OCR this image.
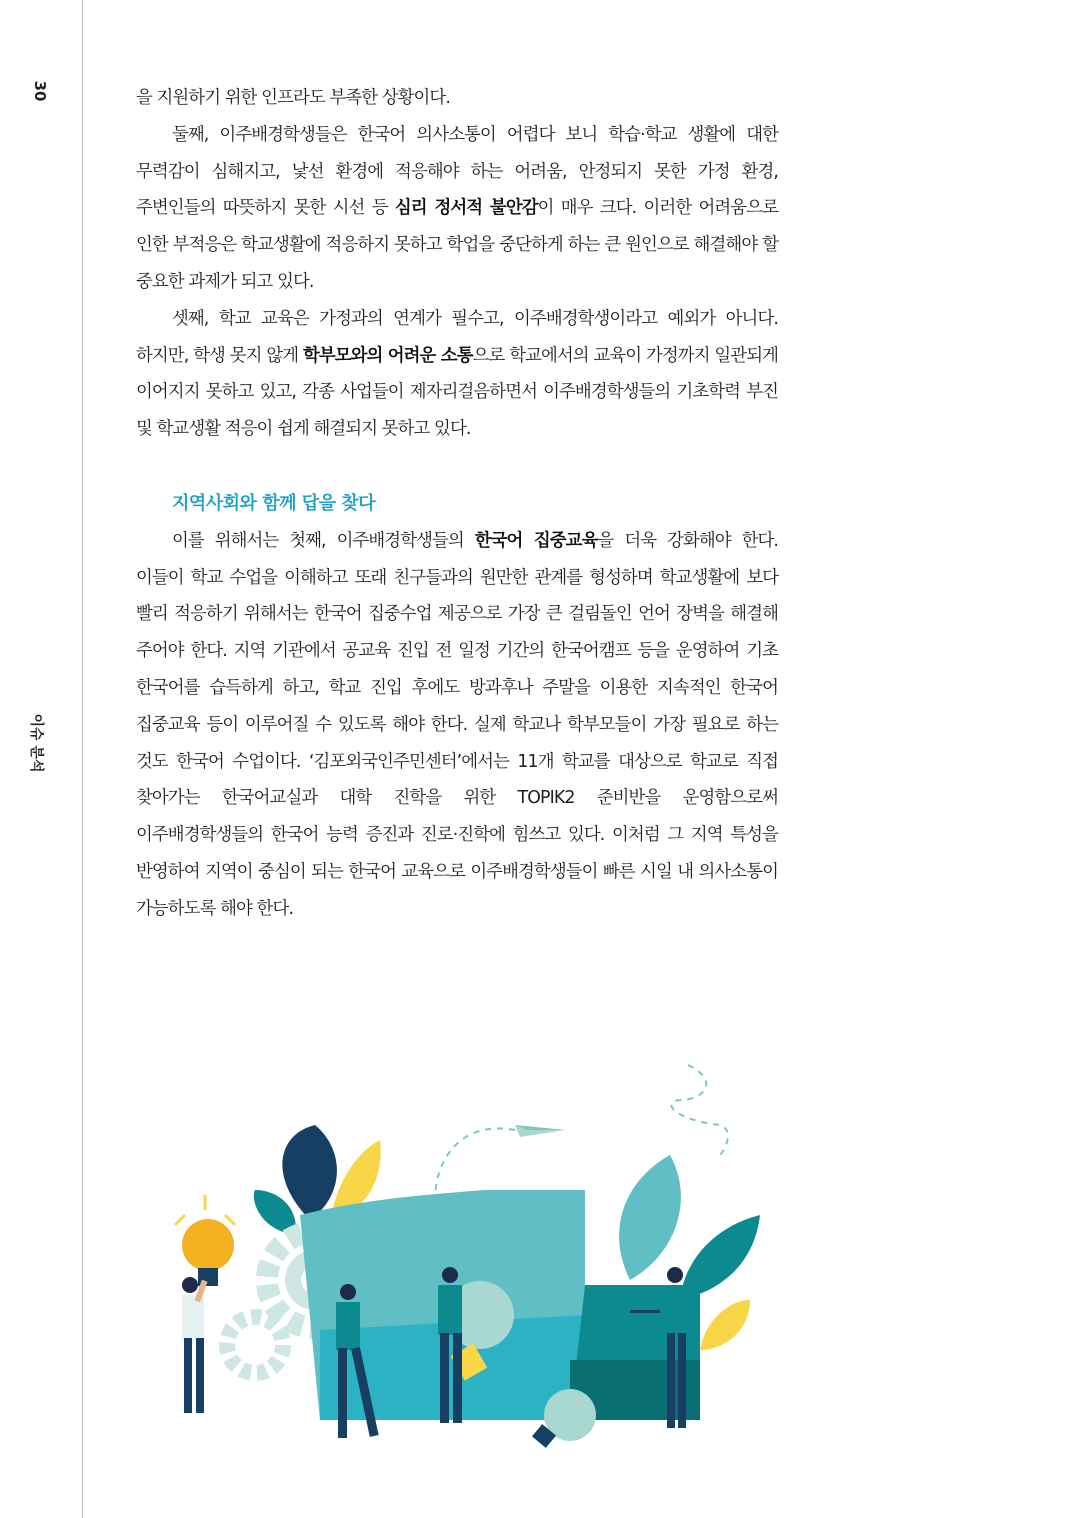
30
이슈 분석

을 지원하기 위한 인프라도 부족한 상황이다.

둘째, 이주배경학생들은 한국어 의사소통이 어렵다 보니 학습·학교 생활에 대한 무력감이 심해지고, 낯선 환경에 적응해야 하는 어려움, 안정되지 못한 가정 환경, 주변인들의 따뜻하지 못한 시선 등 심리 정서적 불안감이 매우 크다. 이러한 어려움으로 인한 부적응은 학교생활에 적응하지 못하고 학업을 중단하게 하는 큰 원인으로 해결해야 할 중요한 과제가 되고 있다.

셋째, 학교 교육은 가정과의 연계가 필수고, 이주배경학생이라고 예외가 아니다. 하지만, 학생 못지 않게 학부모와의 어려운 소통으로 학교에서의 교육이 가정까지 일관되게 이어지지 못하고 있고, 각종 사업들이 제자리걸음하면서 이주배경학생들의 기초학력 부진 및 학교생활 적응이 쉽게 해결되지 못하고 있다.

지역사회와 함께 답을 찾다

이를 위해서는 첫째, 이주배경학생들의 한국어 집중교육을 더욱 강화해야 한다. 이들이 학교 수업을 이해하고 또래 친구들과의 원만한 관계를 형성하며 학교생활에 보다 빨리 적응하기 위해서는 한국어 집중수업 제공으로 가장 큰 걸림돌인 언어 장벽을 해결해 주어야 한다. 지역 기관에서 공교육 진입 전 일정 기간의 한국어캠프 등을 운영하여 기초 한국어를 습득하게 하고, 학교 진입 후에도 방과후나 주말을 이용한 지속적인 한국어 집중교육 등이 이루어질 수 있도록 해야 한다. 실제 학교나 학부모들이 가장 필요로 하는 것도 한국어 수업이다. ‘김포외국인주민센터’에서는 11개 학교를 대상으로 학교로 직접 찾아가는 한국어교실과 대학 진학을 위한 TOPIK2 준비반을 운영함으로써 이주배경학생들의 한국어 능력 증진과 진로·진학에 힘쓰고 있다. 이처럼 그 지역 특성을 반영하여 지역이 중심이 되는 한국어 교육으로 이주배경학생들이 빠른 시일 내 의사소통이 가능하도록 해야 한다.
